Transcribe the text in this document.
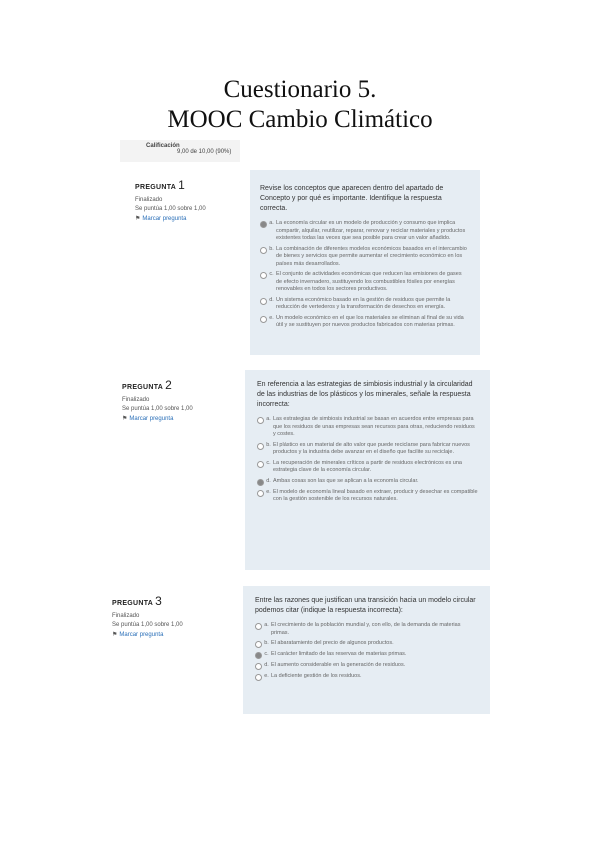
Cuestionario 5.
MOOC Cambio Climático
Calificación
9,00 de 10,00 (90%)
PREGUNTA 1
Finalizado
Se puntúa 1,00 sobre 1,00
⚑ Marcar pregunta
Revise los conceptos que aparecen dentro del apartado de Concepto y por qué es importante. Identifique la respuesta correcta.
a. La economía circular es un modelo de producción y consumo que implica compartir, alquilar, reutilizar, reparar, renovar y reciclar materiales y productos existentes todas las veces que sea posible para crear un valor añadido.
b. La combinación de diferentes modelos económicos basados en el intercambio de bienes y servicios que permite aumentar el crecimiento económico en los países más desarrollados.
c. El conjunto de actividades económicas que reducen las emisiones de gases de efecto invernadero, sustituyendo los combustibles fósiles por energías renovables en todos los sectores productivos.
d. Un sistema económico basado en la gestión de residuos que permite la reducción de vertederos y la transformación de desechos en energía.
e. Un modelo económico en el que los materiales se eliminan al final de su vida útil y se sustituyen por nuevos productos fabricados con materias primas.
PREGUNTA 2
Finalizado
Se puntúa 1,00 sobre 1,00
⚑ Marcar pregunta
En referencia a las estrategias de simbiosis industrial y la circularidad de las industrias de los plásticos y los minerales, señale la respuesta incorrecta:
a. Las estrategias de simbiosis industrial se basan en acuerdos entre empresas para que los residuos de unas empresas sean recursos para otras, reduciendo residuos y costes.
b. El plástico es un material de alto valor que puede reciclarse para fabricar nuevos productos y la industria debe avanzar en el diseño que facilite su reciclaje.
c. La recuperación de minerales críticos a partir de residuos electrónicos es una estrategia clave de la economía circular.
d. Ambas cosas son las que se aplican a la economía circular.
e. El modelo de economía lineal basado en extraer, producir y desechar es compatible con la gestión sostenible de los recursos naturales.
PREGUNTA 3
Finalizado
Se puntúa 1,00 sobre 1,00
⚑ Marcar pregunta
Entre las razones que justifican una transición hacia un modelo circular podemos citar (indique la respuesta incorrecta):
a. El crecimiento de la población mundial y, con ello, de la demanda de materias primas.
b. El abaratamiento del precio de algunos productos.
c. El carácter limitado de las reservas de materias primas.
d. El aumento considerable en la generación de residuos.
e. La deficiente gestión de los residuos.
